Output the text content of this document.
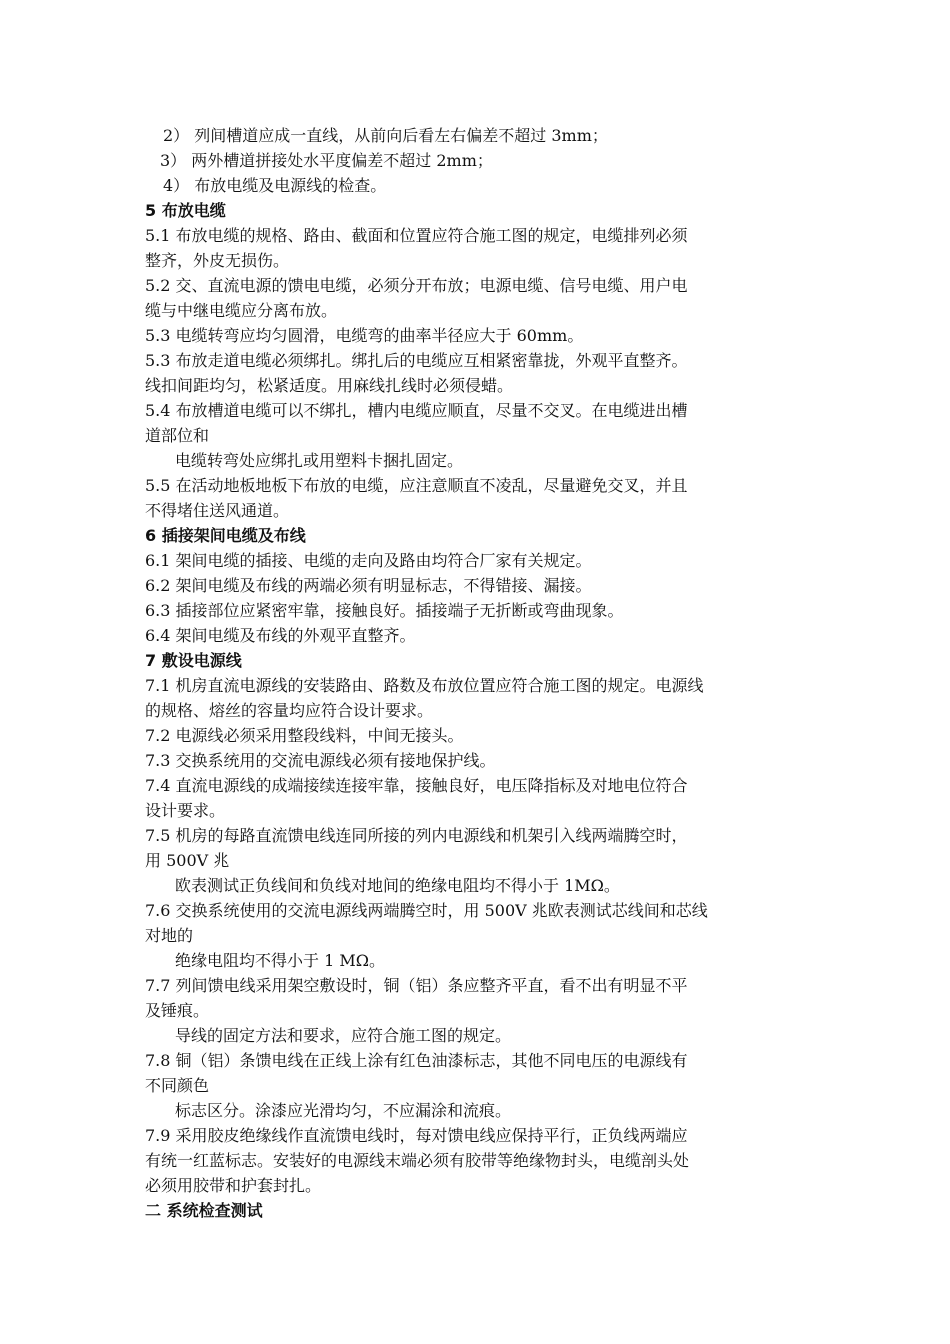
2） 列间槽道应成一直线，从前向后看左右偏差不超过 3mm；
3） 两外槽道拼接处水平度偏差不超过 2mm；
4） 布放电缆及电源线的检查。
5 布放电缆
5.1 布放电缆的规格、路由、截面和位置应符合施工图的规定，电缆排列必须
整齐，外皮无损伤。
5.2 交、直流电源的馈电电缆，必须分开布放；电源电缆、信号电缆、用户电
缆与中继电缆应分离布放。
5.3 电缆转弯应均匀圆滑，电缆弯的曲率半径应大于 60mm。
5.3 布放走道电缆必须绑扎。绑扎后的电缆应互相紧密靠拢，外观平直整齐。
线扣间距均匀，松紧适度。用麻线扎线时必须侵蜡。
5.4 布放槽道电缆可以不绑扎，槽内电缆应顺直，尽量不交叉。在电缆进出槽
道部位和
电缆转弯处应绑扎或用塑料卡捆扎固定。
5.5 在活动地板地板下布放的电缆，应注意顺直不凌乱，尽量避免交叉，并且
不得堵住送风通道。
6 插接架间电缆及布线
6.1 架间电缆的插接、电缆的走向及路由均符合厂家有关规定。
6.2 架间电缆及布线的两端必须有明显标志，不得错接、漏接。
6.3 插接部位应紧密牢靠，接触良好。插接端子无折断或弯曲现象。
6.4 架间电缆及布线的外观平直整齐。
7 敷设电源线
7.1 机房直流电源线的安装路由、路数及布放位置应符合施工图的规定。电源线
的规格、熔丝的容量均应符合设计要求。
7.2 电源线必须采用整段线料，中间无接头。
7.3 交换系统用的交流电源线必须有接地保护线。
7.4 直流电源线的成端接续连接牢靠，接触良好，电压降指标及对地电位符合
设计要求。
7.5 机房的每路直流馈电线连同所接的列内电源线和机架引入线两端腾空时，
用 500V 兆
欧表测试正负线间和负线对地间的绝缘电阻均不得小于 1MΩ。
7.6 交换系统使用的交流电源线两端腾空时，用 500V 兆欧表测试芯线间和芯线
对地的
绝缘电阻均不得小于 1 MΩ。
7.7 列间馈电线采用架空敷设时，铜（铝）条应整齐平直，看不出有明显不平
及锤痕。
导线的固定方法和要求，应符合施工图的规定。
7.8 铜（铝）条馈电线在正线上涂有红色油漆标志，其他不同电压的电源线有
不同颜色
标志区分。涂漆应光滑均匀，不应漏涂和流痕。
7.9 采用胶皮绝缘线作直流馈电线时，每对馈电线应保持平行，正负线两端应
有统一红蓝标志。安装好的电源线末端必须有胶带等绝缘物封头，电缆剖头处
必须用胶带和护套封扎。
二 系统检查测试
